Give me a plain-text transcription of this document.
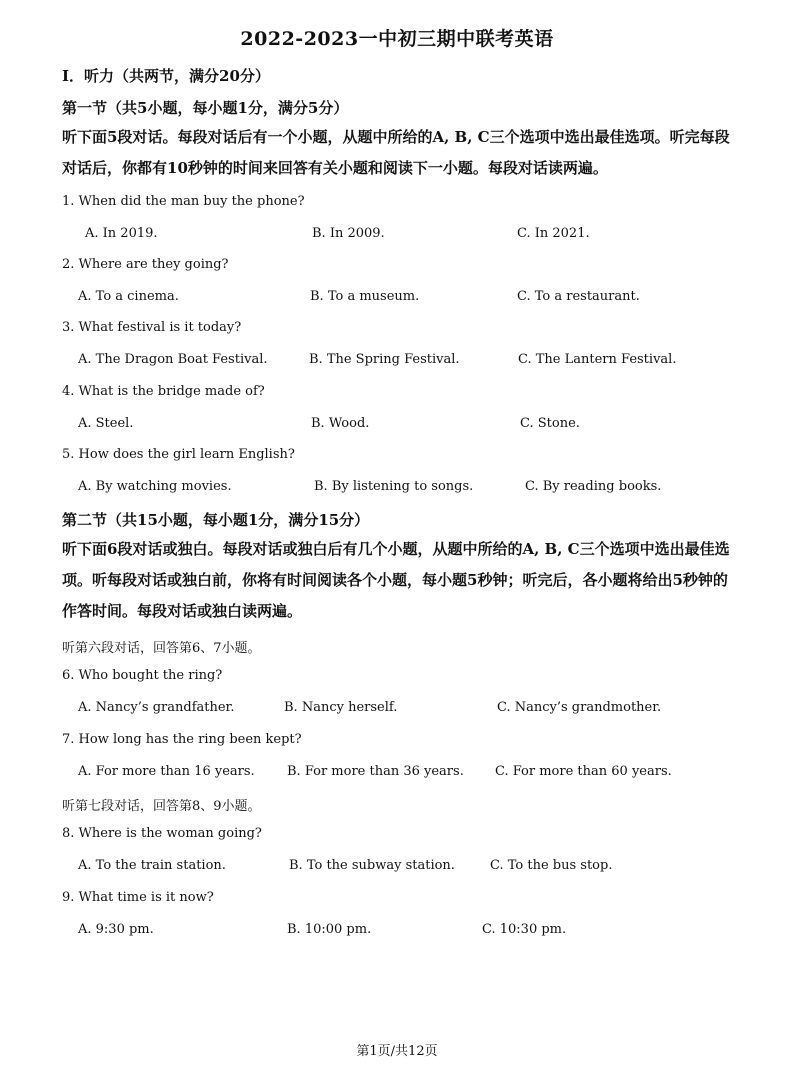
2022-2023一中初三期中联考英语
I．听力（共两节，满分20分）
第一节（共5小题，每小题1分，满分5分）
听下面5段对话。每段对话后有一个小题，从题中所给的A, B, C三个选项中选出最佳选项。听完每段对话后，你都有10秒钟的时间来回答有关小题和阅读下一小题。每段对话读两遍。
1. When did the man buy the phone?
A. In 2019.	B. In 2009.	C. In 2021.
2. Where are they going?
A. To a cinema.	B. To a museum.	C. To a restaurant.
3. What festival is it today?
A. The Dragon Boat Festival.	B. The Spring Festival.	C. The Lantern Festival.
4. What is the bridge made of?
A. Steel.	B. Wood.	C. Stone.
5. How does the girl learn English?
A. By watching movies.	B. By listening to songs.	C. By reading books.
第二节（共15小题，每小题1分，满分15分）
听下面6段对话或独白。每段对话或独白后有几个小题，从题中所给的A, B, C三个选项中选出最佳选项。听每段对话或独白前，你将有时间阅读各个小题，每小题5秒钟；听完后，各小题将给出5秒钟的作答时间。每段对话或独白读两遍。
听第六段对话，回答第6、7小题。
6. Who bought the ring?
A. Nancy’s grandfather.	B. Nancy herself.	C. Nancy’s grandmother.
7. How long has the ring been kept?
A. For more than 16 years. B. For more than 36 years. C. For more than 60 years.
听第七段对话，回答第8、9小题。
8. Where is the woman going?
A. To the train station.	B. To the subway station.	C. To the bus stop.
9. What time is it now?
A. 9:30 pm.	B. 10:00 pm.	C. 10:30 pm.
第1页/共12页
